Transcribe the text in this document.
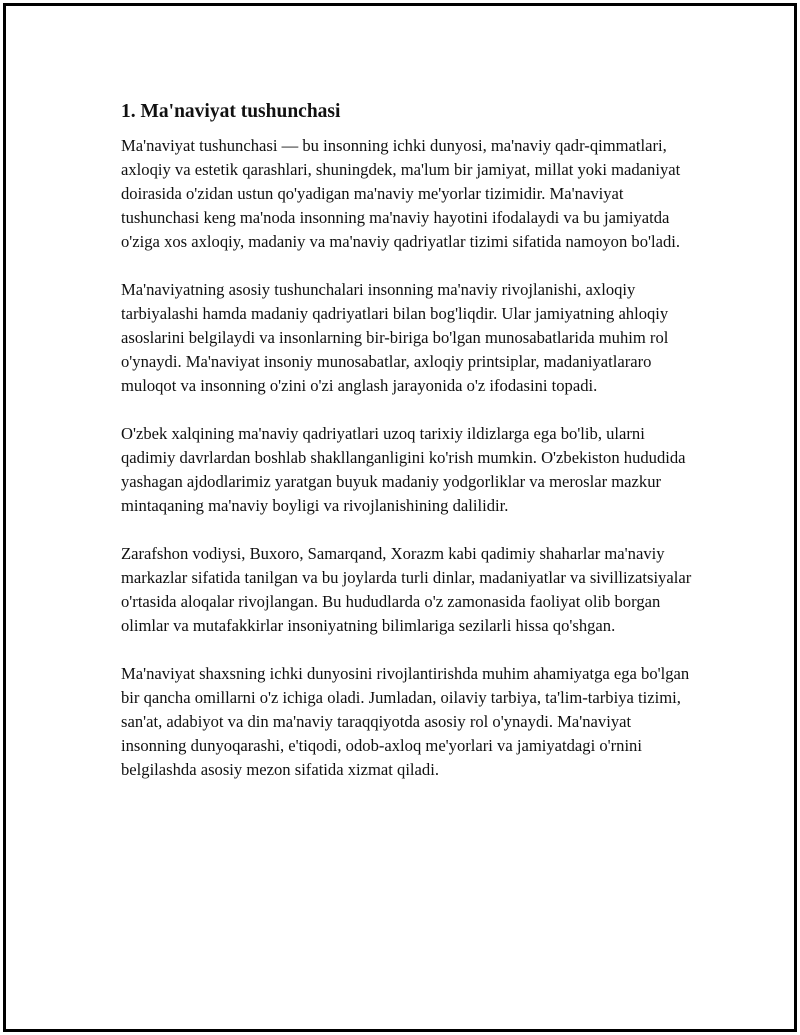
1. Ma'naviyat tushunchasi

Ma'naviyat tushunchasi — bu insonning ichki dunyosi, ma'naviy qadr-qimmatlari, axloqiy va estetik qarashlari, shuningdek, ma'lum bir jamiyat, millat yoki madaniyat doirasida o'zidan ustun qo'yadigan ma'naviy me'yorlar tizimidir. Ma'naviyat tushunchasi keng ma'noda insonning ma'naviy hayotini ifodalaydi va bu jamiyatda o'ziga xos axloqiy, madaniy va ma'naviy qadriyatlar tizimi sifatida namoyon bo'ladi.

Ma'naviyatning asosiy tushunchalari insonning ma'naviy rivojlanishi, axloqiy tarbiyalashi hamda madaniy qadriyatlari bilan bog'liqdir. Ular jamiyatning ahloqiy asoslarini belgilaydi va insonlarning bir-biriga bo'lgan munosabatlarida muhim rol o'ynaydi. Ma'naviyat insoniy munosabatlar, axloqiy printsiplar, madaniyatlararo muloqot va insonning o'zini o'zi anglash jarayonida o'z ifodasini topadi.

O'zbek xalqining ma'naviy qadriyatlari uzoq tarixiy ildizlarga ega bo'lib, ularni qadimiy davrlardan boshlab shakllanganligini ko'rish mumkin. O'zbekiston hududida yashagan ajdodlarimiz yaratgan buyuk madaniy yodgorliklar va meroslar mazkur mintaqaning ma'naviy boyligi va rivojlanishining dalilidir.

Zarafshon vodiysi, Buxoro, Samarqand, Xorazm kabi qadimiy shaharlar ma'naviy markazlar sifatida tanilgan va bu joylarda turli dinlar, madaniyatlar va sivillizatsiyalar o'rtasida aloqalar rivojlangan. Bu hududlarda o'z zamonasida faoliyat olib borgan olimlar va mutafakkirlar insoniyatning bilimlariga sezilarli hissa qo'shgan.

Ma'naviyat shaxsning ichki dunyosini rivojlantirishda muhim ahamiyatga ega bo'lgan bir qancha omillarni o'z ichiga oladi. Jumladan, oilaviy tarbiya, ta'lim-tarbiya tizimi, san'at, adabiyot va din ma'naviy taraqqiyotda asosiy rol o'ynaydi. Ma'naviyat insonning dunyoqarashi, e'tiqodi, odob-axloq me'yorlari va jamiyatdagi o'rnini belgilashda asosiy mezon sifatida xizmat qiladi.
